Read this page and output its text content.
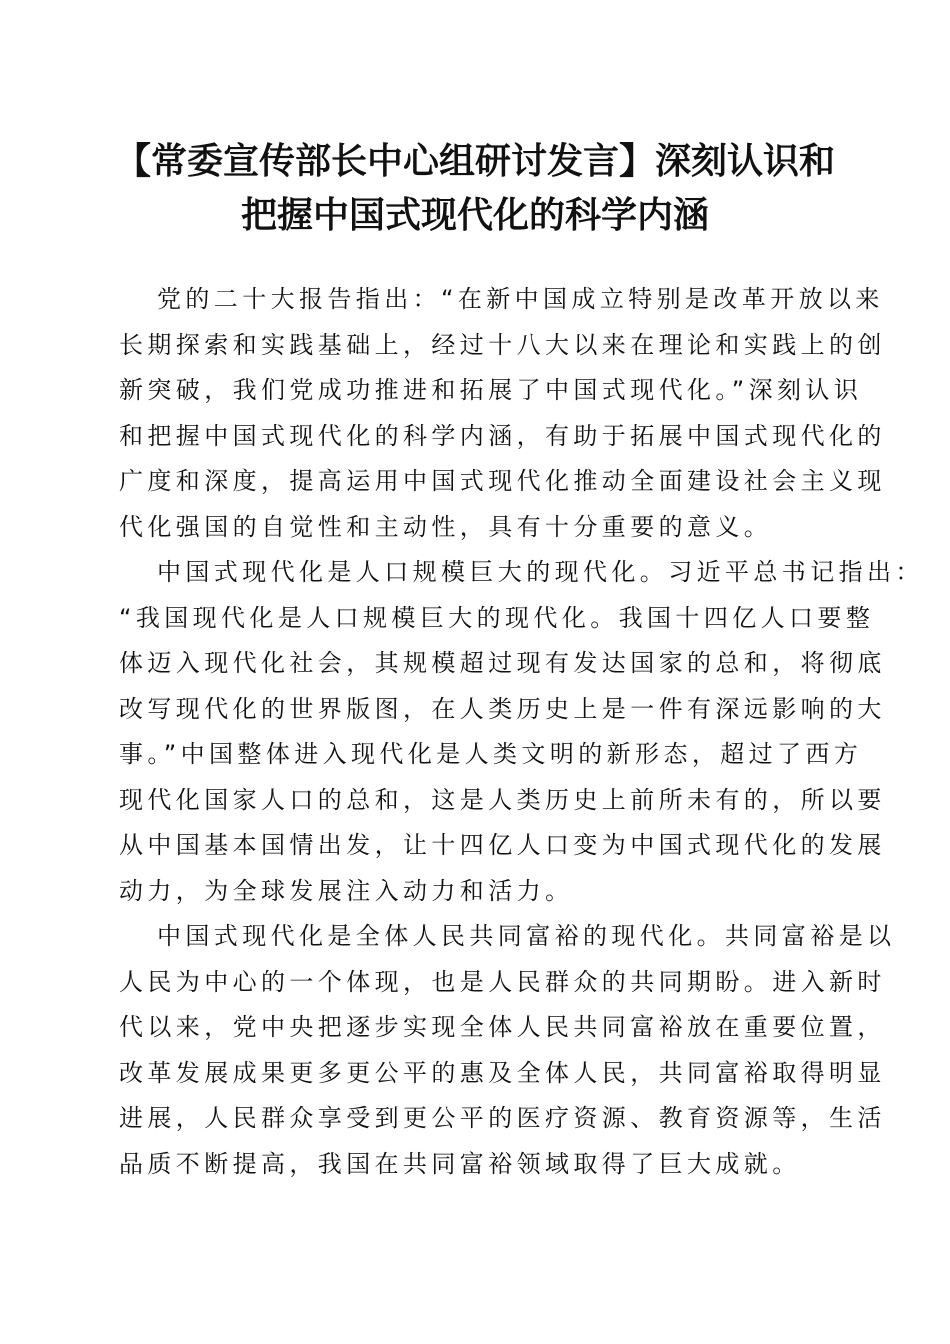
【常委宣传部长中心组研讨发言】深刻认识和
把握中国式现代化的科学内涵
党的二十大报告指出：“在新中国成立特别是改革开放以来
长期探索和实践基础上，经过十八大以来在理论和实践上的创
新突破，我们党成功推进和拓展了中国式现代化。”深刻认识
和把握中国式现代化的科学内涵，有助于拓展中国式现代化的
广度和深度，提高运用中国式现代化推动全面建设社会主义现
代化强国的自觉性和主动性，具有十分重要的意义。
中国式现代化是人口规模巨大的现代化。习近平总书记指出：
“我国现代化是人口规模巨大的现代化。我国十四亿人口要整
体迈入现代化社会，其规模超过现有发达国家的总和，将彻底
改写现代化的世界版图，在人类历史上是一件有深远影响的大
事。”中国整体进入现代化是人类文明的新形态，超过了西方
现代化国家人口的总和，这是人类历史上前所未有的，所以要
从中国基本国情出发，让十四亿人口变为中国式现代化的发展
动力，为全球发展注入动力和活力。
中国式现代化是全体人民共同富裕的现代化。共同富裕是以
人民为中心的一个体现，也是人民群众的共同期盼。进入新时
代以来，党中央把逐步实现全体人民共同富裕放在重要位置，
改革发展成果更多更公平的惠及全体人民，共同富裕取得明显
进展，人民群众享受到更公平的医疗资源、教育资源等，生活
品质不断提高，我国在共同富裕领域取得了巨大成就。
